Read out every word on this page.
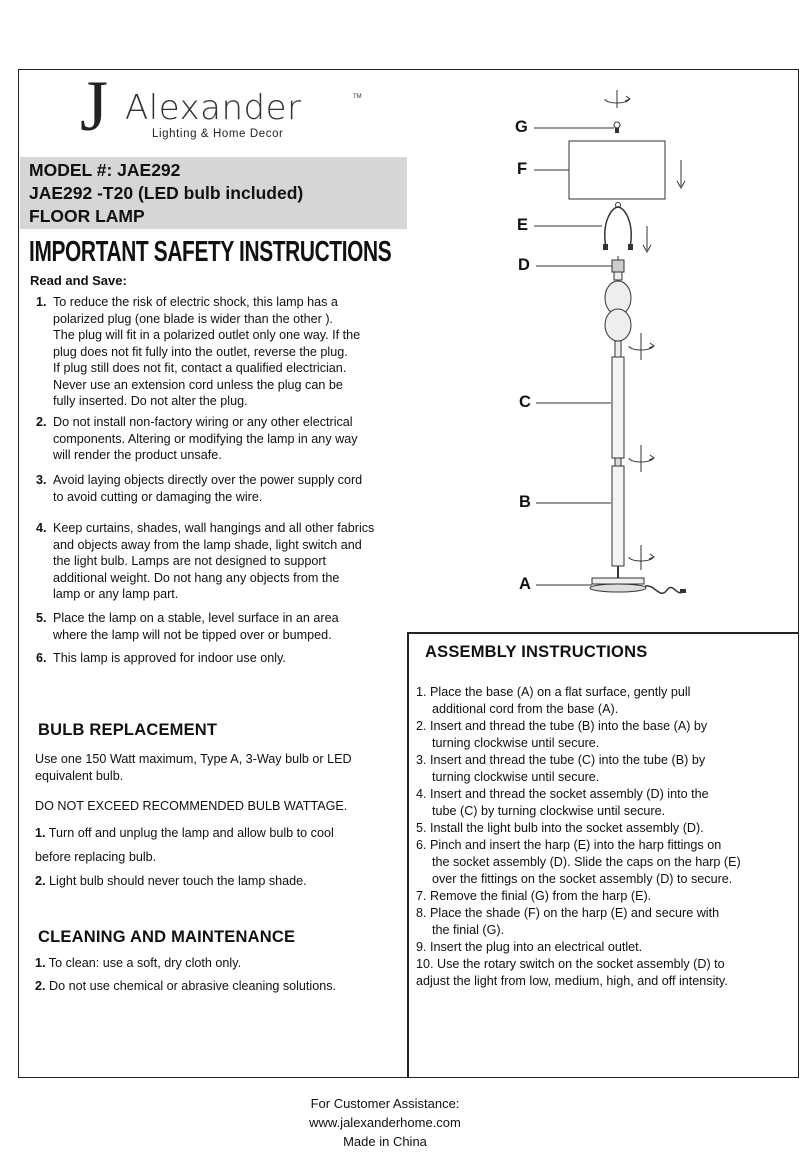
J Alexander	TM
Lighting & Home Decor
MODEL #: JAE292
JAE292 -T20 (LED bulb included)
FLOOR LAMP
IMPORTANT SAFETY INSTRUCTIONS
Read and Save:
1. To reduce the risk of electric shock, this lamp has a
polarized plug (one blade is wider than the other ).
The plug will fit in a polarized outlet only one way. If the
plug does not fit fully into the outlet, reverse the plug.
If plug still does not fit, contact a qualified electrician.
Never use an extension cord unless the plug can be
fully inserted. Do not alter the plug.
2. Do not install non-factory wiring or any other electrical
components. Altering or modifying the lamp in any way
will render the product unsafe.
3. Avoid laying objects directly over the power supply cord
to avoid cutting or damaging the wire.
4. Keep curtains, shades, wall hangings and all other fabrics
and objects away from the lamp shade, light switch and
the light bulb. Lamps are not designed to support
additional weight. Do not hang any objects from the
lamp or any lamp part.
5. Place the lamp on a stable, level surface in an area
where the lamp will not be tipped over or bumped.
6. This lamp is approved for indoor use only.
BULB REPLACEMENT
Use one 150 Watt maximum, Type A, 3-Way bulb or LED
equivalent bulb.
DO NOT EXCEED RECOMMENDED BULB WATTAGE.
1. Turn off and unplug the lamp and allow bulb to cool
before replacing bulb.
2. Light bulb should never touch the lamp shade.
CLEANING AND MAINTENANCE
1. To clean: use a soft, dry cloth only.
2. Do not use chemical or abrasive cleaning solutions.
ASSEMBLY INSTRUCTIONS
1. Place the base (A) on a flat surface, gently pull
additional cord from the base (A).
2. Insert and thread the tube (B) into the base (A) by
turning clockwise until secure.
3. Insert and thread the tube (C) into the tube (B) by
turning clockwise until secure.
4. Insert and thread the socket assembly (D) into the
tube (C) by turning clockwise until secure.
5. Install the light bulb into the socket assembly (D).
6. Pinch and insert the harp (E) into the harp fittings on
the socket assembly (D). Slide the caps on the harp (E)
over the fittings on the socket assembly (D) to secure.
7. Remove the finial (G) from the harp (E).
8. Place the shade (F) on the harp (E) and secure with
the finial (G).
9. Insert the plug into an electrical outlet.
10. Use the rotary switch on the socket assembly (D) to
adjust the light from low, medium, high, and off intensity.
G
F
E
D
C
B
A
For Customer Assistance:
www.jalexanderhome.com
Made in China
